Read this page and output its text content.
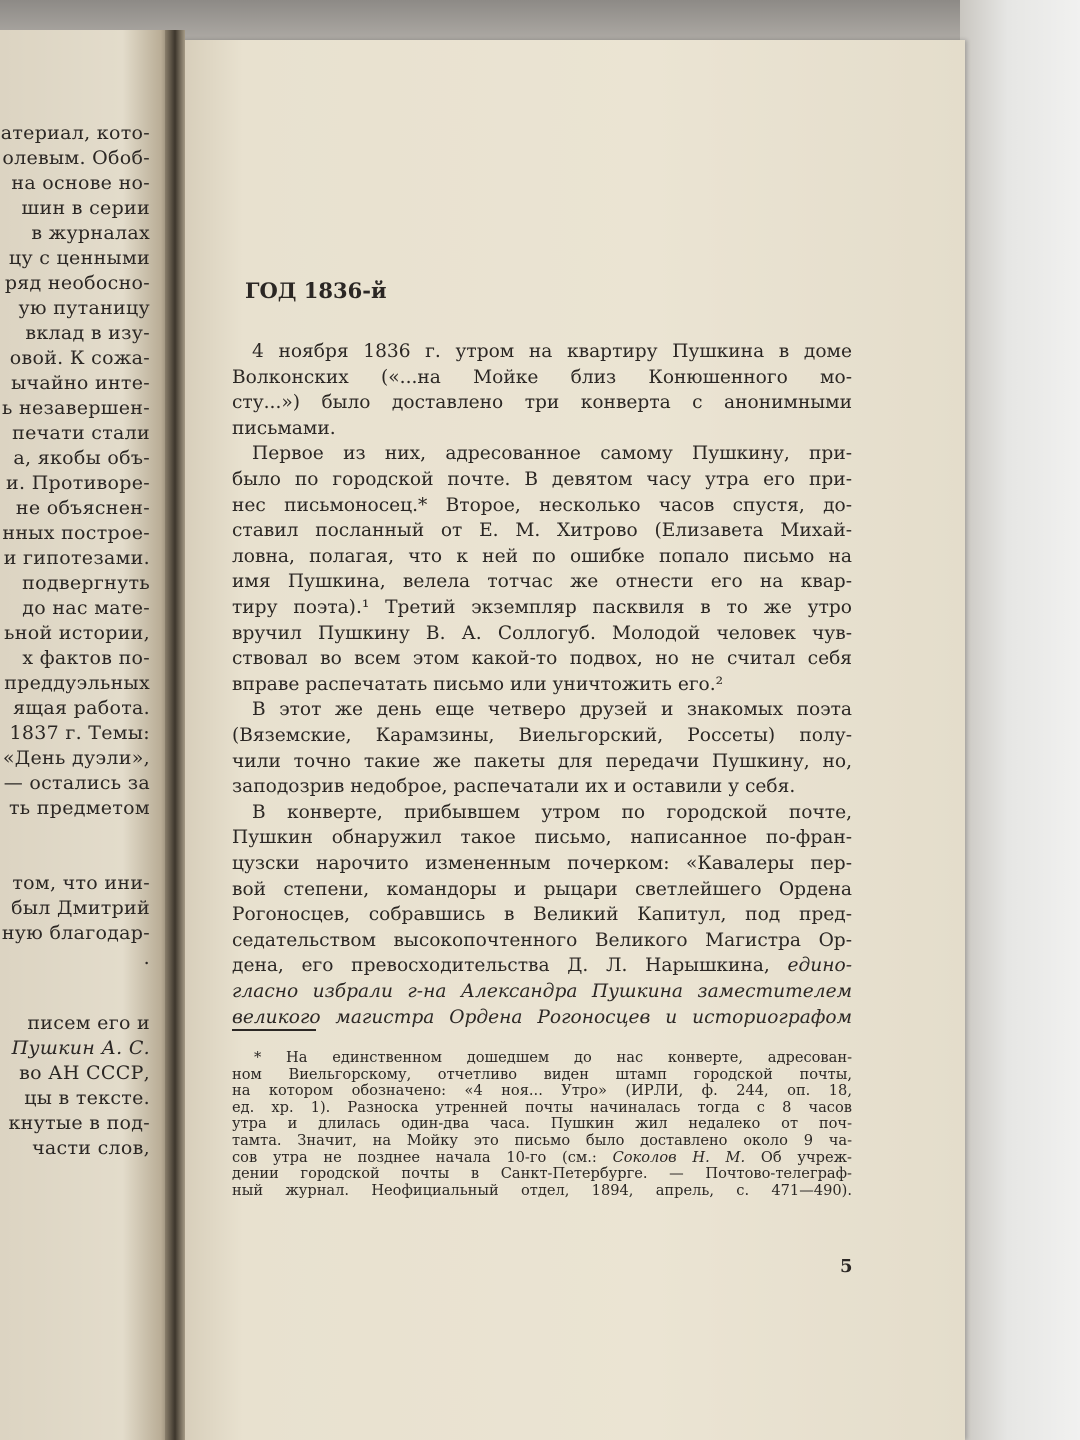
атериал, кото-
олевым. Обоб-
на основе но-
шин в серии
в журналах
цу с ценными
ряд необосно-
ую путаницу
вклад в изу-
овой. К сожа-
ычайно инте-
ь незавершен-
печати стали
а, якобы объ-
и. Противоре-
не объяснен-
нных построе-
и гипотезами.
подвергнуть
до нас мате-
ьной истории,
х фактов по-
преддуэльных
ящая работа.
1837 г. Темы:
«День дуэли»,
— остались за
ть предметом
том, что ини-
был Дмитрий
ную благодар-
.
писем его и
Пушкин А. С.
во АН СССР,
цы в тексте.
кнутые в под-
части слов,
ГОД 1836-й
4 ноября 1836 г. утром на квартиру Пушкина в доме
Волконских («...на Мойке близ Конюшенного мо-
сту...») было доставлено три конверта с анонимными
письмами.
Первое из них, адресованное самому Пушкину, при-
было по городской почте. В девятом часу утра его при-
нес письмоносец.* Второе, несколько часов спустя, до-
ставил посланный от Е. М. Хитрово (Елизавета Михай-
ловна, полагая, что к ней по ошибке попало письмо на
имя Пушкина, велела тотчас же отнести его на квар-
тиру поэта).¹ Третий экземпляр пасквиля в то же утро
вручил Пушкину В. А. Соллогуб. Молодой человек чув-
ствовал во всем этом какой-то подвох, но не считал себя
вправе распечатать письмо или уничтожить его.²
В этот же день еще четверо друзей и знакомых поэта
(Вяземские, Карамзины, Виельгорский, Россеты) полу-
чили точно такие же пакеты для передачи Пушкину, но,
заподозрив недоброе, распечатали их и оставили у себя.
В конверте, прибывшем утром по городской почте,
Пушкин обнаружил такое письмо, написанное по-фран-
цузски нарочито измененным почерком: «Кавалеры пер-
вой степени, командоры и рыцари светлейшего Ордена
Рогоносцев, собравшись в Великий Капитул, под пред-
седательством высокопочтенного Великого Магистра Ор-
дена, его превосходительства Д. Л. Нарышкина, едино-
гласно избрали г-на Александра Пушкина заместителем
великого магистра Ордена Рогоносцев и историографом
* На единственном дошедшем до нас конверте, адресован-
ном Виельгорскому, отчетливо виден штамп городской почты,
на котором обозначено: «4 ноя... Утро» (ИРЛИ, ф. 244, оп. 18,
ед. хр. 1). Разноска утренней почты начиналась тогда с 8 часов
утра и длилась один-два часа. Пушкин жил недалеко от поч-
тамта. Значит, на Мойку это письмо было доставлено около 9 ча-
сов утра не позднее начала 10-го (см.: Соколов Н. М. Об учреж-
дении городской почты в Санкт-Петербурге. — Почтово-телеграф-
ный журнал. Неофициальный отдел, 1894, апрель, с. 471—490).
5
